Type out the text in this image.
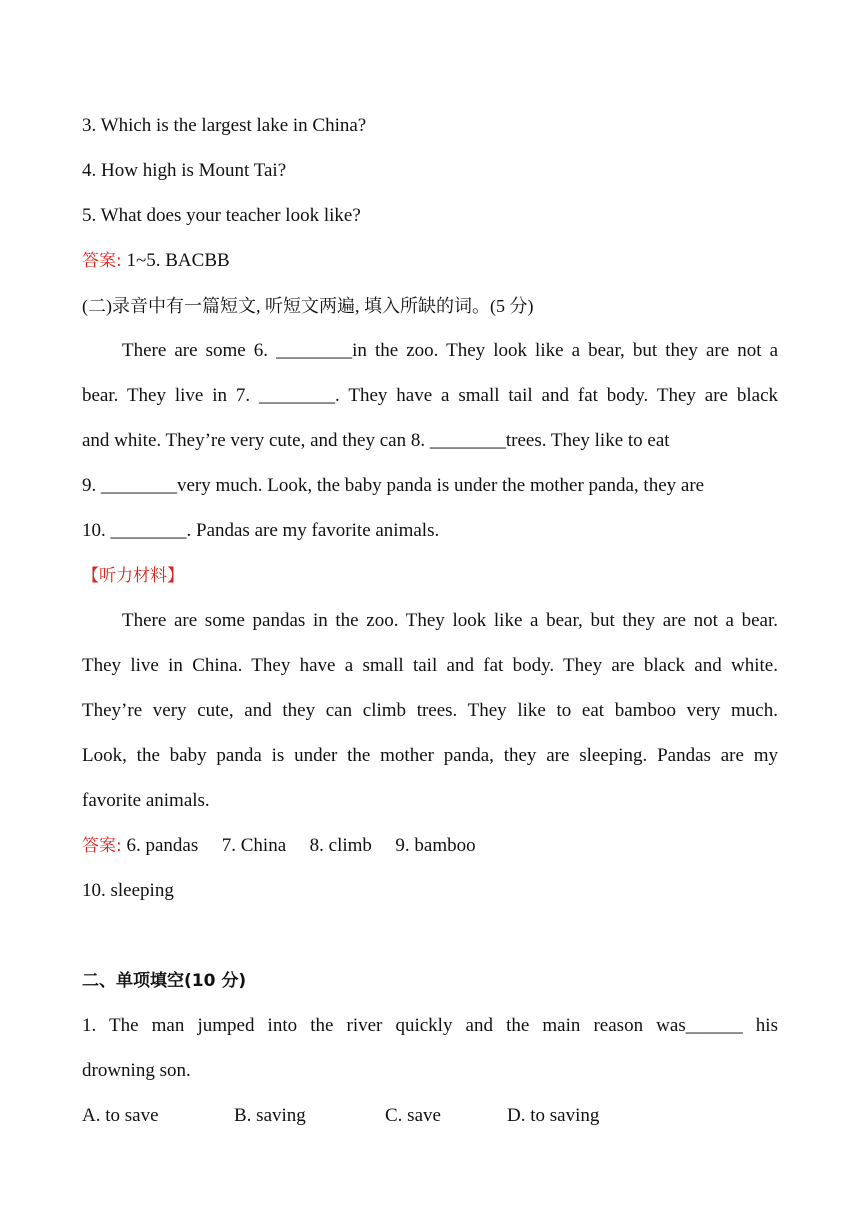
3. Which is the largest lake in China?
4. How high is Mount Tai?
5. What does your teacher look like?
答案: 1~5. BACBB
(二)录音中有一篇短文, 听短文两遍, 填入所缺的词。(5 分)
There are some 6. ________in the zoo. They look like a bear, but they are not a
bear. They live in 7. ________. They have a small tail and fat body. They are black
and white. They’re very cute, and they can 8. ________trees. They like to eat
9. ________very much. Look, the baby panda is under the mother panda, they are
10. ________. Pandas are my favorite animals.
【听力材料】
There are some pandas in the zoo. They look like a bear, but they are not a bear.
They live in China. They have a small tail and fat body. They are black and white.
They’re very cute, and they can climb trees. They like to eat bamboo very much.
Look, the baby panda is under the mother panda, they are sleeping. Pandas are my
favorite animals.
答案: 6. pandas 7. China 8. climb 9. bamboo
10. sleeping
二、单项填空(10 分)
1. The man jumped into the river quickly and the main reason was______ his
drowning son.
A. to save	B. saving	C. save	D. to saving
